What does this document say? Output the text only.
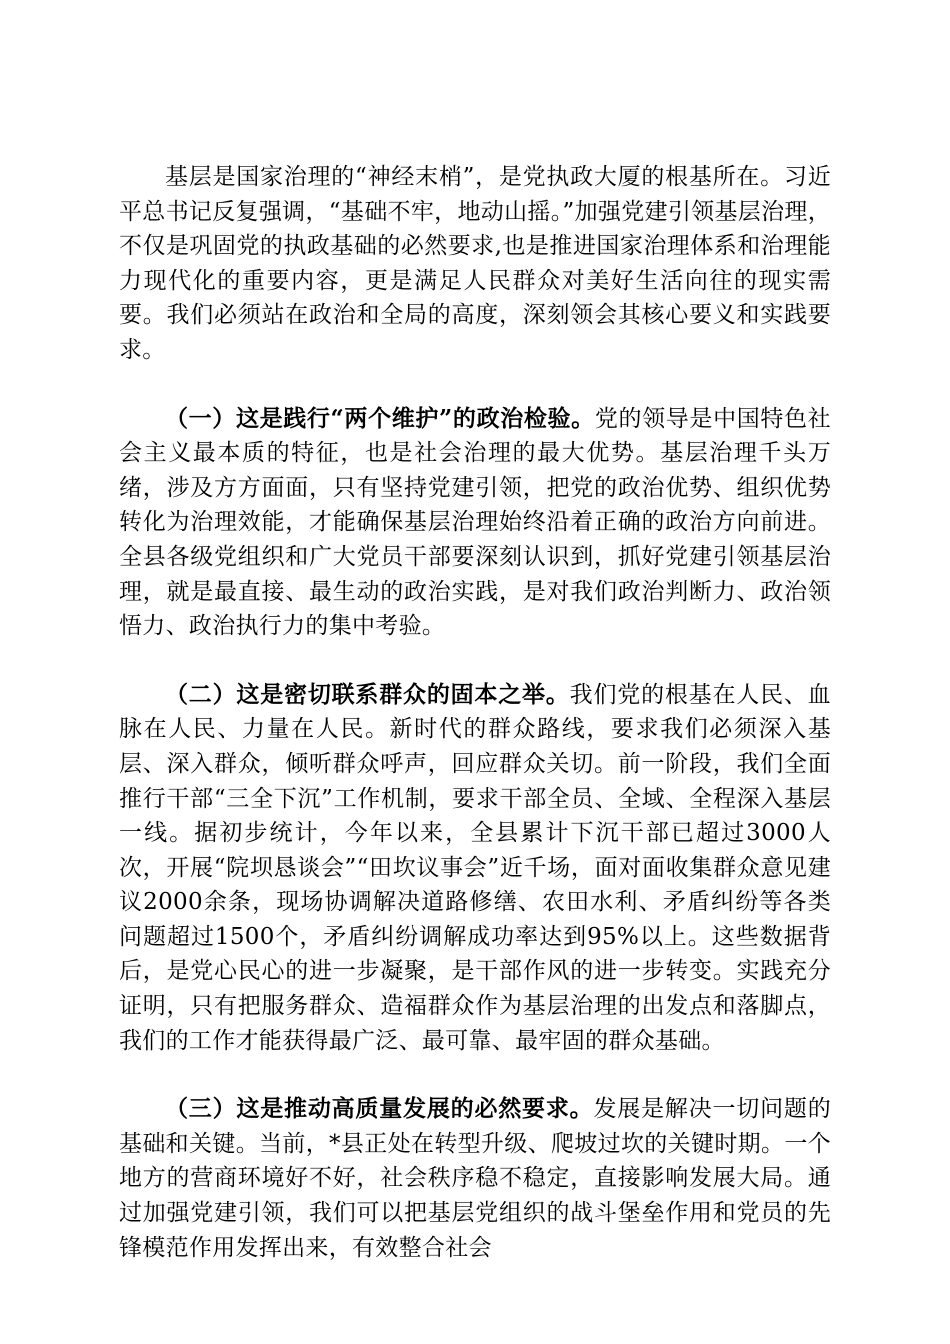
基层是国家治理的“神经末梢”，是党执政大厦的根基所在。习近平总书记反复强调，“基础不牢，地动山摇。”加强党建引领基层治理，不仅是巩固党的执政基础的必然要求,也是推进国家治理体系和治理能力现代化的重要内容，更是满足人民群众对美好生活向往的现实需要。我们必须站在政治和全局的高度，深刻领会其核心要义和实践要求。

（一）这是践行“两个维护”的政治检验。党的领导是中国特色社会主义最本质的特征，也是社会治理的最大优势。基层治理千头万绪，涉及方方面面，只有坚持党建引领，把党的政治优势、组织优势转化为治理效能，才能确保基层治理始终沿着正确的政治方向前进。全县各级党组织和广大党员干部要深刻认识到，抓好党建引领基层治理，就是最直接、最生动的政治实践，是对我们政治判断力、政治领悟力、政治执行力的集中考验。

（二）这是密切联系群众的固本之举。我们党的根基在人民、血脉在人民、力量在人民。新时代的群众路线，要求我们必须深入基层、深入群众，倾听群众呼声，回应群众关切。前一阶段，我们全面推行干部“三全下沉”工作机制，要求干部全员、全域、全程深入基层一线。据初步统计，今年以来，全县累计下沉干部已超过3000人次，开展“院坝恳谈会”“田坎议事会”近千场，面对面收集群众意见建议2000余条，现场协调解决道路修缮、农田水利、矛盾纠纷等各类问题超过1500个，矛盾纠纷调解成功率达到95%以上。这些数据背后，是党心民心的进一步凝聚，是干部作风的进一步转变。实践充分证明，只有把服务群众、造福群众作为基层治理的出发点和落脚点，我们的工作才能获得最广泛、最可靠、最牢固的群众基础。

（三）这是推动高质量发展的必然要求。发展是解决一切问题的基础和关键。当前，*县正处在转型升级、爬坡过坎的关键时期。一个地方的营商环境好不好，社会秩序稳不稳定，直接影响发展大局。通过加强党建引领，我们可以把基层党组织的战斗堡垒作用和党员的先锋模范作用发挥出来，有效整合社会
